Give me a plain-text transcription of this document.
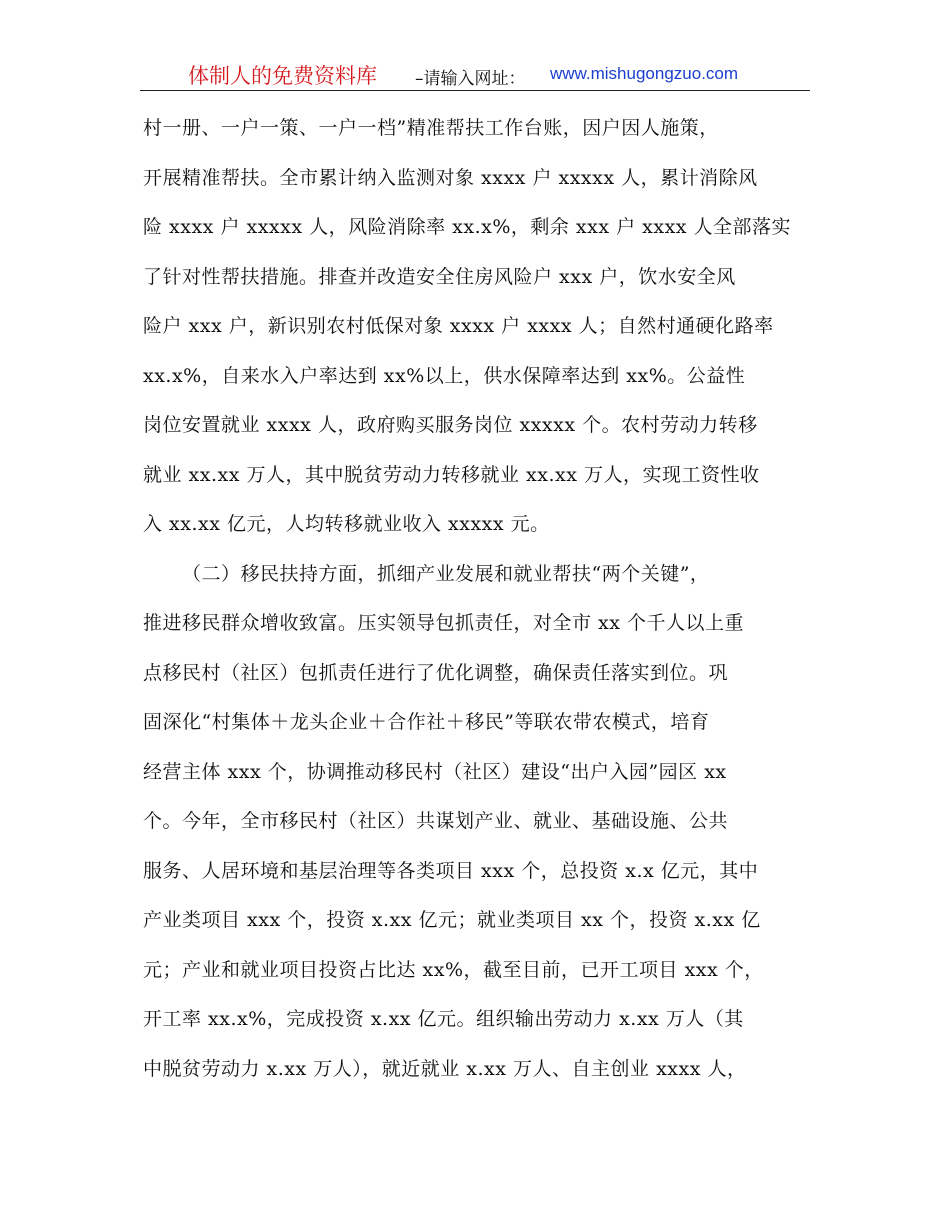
体制人的免费资料库 –请输入网址： www.mishugongzuo.com
村一册、一户一策、一户一档”精准帮扶工作台账，因户因人施策，
开展精准帮扶。全市累计纳入监测对象 xxxx 户 xxxxx 人，累计消除风
险 xxxx 户 xxxxx 人，风险消除率 xx.x%，剩余 xxx 户 xxxx 人全部落实
了针对性帮扶措施。排查并改造安全住房风险户 xxx 户，饮水安全风
险户 xxx 户，新识别农村低保对象 xxxx 户 xxxx 人；自然村通硬化路率
xx.x%，自来水入户率达到 xx%以上，供水保障率达到 xx%。公益性
岗位安置就业 xxxx 人，政府购买服务岗位 xxxxx 个。农村劳动力转移
就业 xx.xx 万人，其中脱贫劳动力转移就业 xx.xx 万人，实现工资性收
入 xx.xx 亿元，人均转移就业收入 xxxxx 元。
（二）移民扶持方面，抓细产业发展和就业帮扶“两个关键”，
推进移民群众增收致富。压实领导包抓责任，对全市 xx 个千人以上重
点移民村（社区）包抓责任进行了优化调整，确保责任落实到位。巩
固深化“村集体＋龙头企业＋合作社＋移民”等联农带农模式，培育
经营主体 xxx 个，协调推动移民村（社区）建设“出户入园”园区 xx
个。今年，全市移民村（社区）共谋划产业、就业、基础设施、公共
服务、人居环境和基层治理等各类项目 xxx 个，总投资 x.x 亿元，其中
产业类项目 xxx 个，投资 x.xx 亿元；就业类项目 xx 个，投资 x.xx 亿
元；产业和就业项目投资占比达 xx%，截至目前，已开工项目 xxx 个，
开工率 xx.x%，完成投资 x.xx 亿元。组织输出劳动力 x.xx 万人（其
中脱贫劳动力 x.xx 万人），就近就业 x.xx 万人、自主创业 xxxx 人，
